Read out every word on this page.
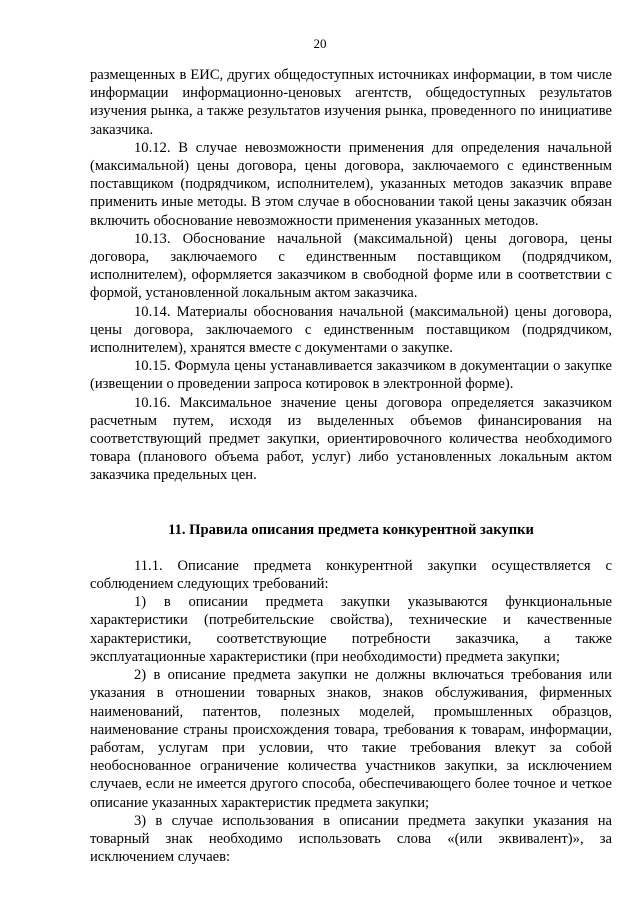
20

размещенных в ЕИС, других общедоступных источниках информации, в том числе информации информационно-ценовых агентств, общедоступных результатов изучения рынка, а также результатов изучения рынка, проведенного по инициативе заказчика.

10.12. В случае невозможности применения для определения начальной (максимальной) цены договора, цены договора, заключаемого с единственным поставщиком (подрядчиком, исполнителем), указанных методов заказчик вправе применить иные методы. В этом случае в обосновании такой цены заказчик обязан включить обоснование невозможности применения указанных методов.

10.13. Обоснование начальной (максимальной) цены договора, цены договора, заключаемого с единственным поставщиком (подрядчиком, исполнителем), оформляется заказчиком в свободной форме или в соответствии с формой, установленной локальным актом заказчика.

10.14. Материалы обоснования начальной (максимальной) цены договора, цены договора, заключаемого с единственным поставщиком (подрядчиком, исполнителем), хранятся вместе с документами о закупке.

10.15. Формула цены устанавливается заказчиком в документации о закупке (извещении о проведении запроса котировок в электронной форме).

10.16. Максимальное значение цены договора определяется заказчиком расчетным путем, исходя из выделенных объемов финансирования на соответствующий предмет закупки, ориентировочного количества необходимого товара (планового объема работ, услуг) либо установленных локальным актом заказчика предельных цен.

11. Правила описания предмета конкурентной закупки

11.1. Описание предмета конкурентной закупки осуществляется с соблюдением следующих требований:

1) в описании предмета закупки указываются функциональные характеристики (потребительские свойства), технические и качественные характеристики, соответствующие потребности заказчика, а также эксплуатационные характеристики (при необходимости) предмета закупки;

2) в описание предмета закупки не должны включаться требования или указания в отношении товарных знаков, знаков обслуживания, фирменных наименований, патентов, полезных моделей, промышленных образцов, наименование страны происхождения товара, требования к товарам, информации, работам, услугам при условии, что такие требования влекут за собой необоснованное ограничение количества участников закупки, за исключением случаев, если не имеется другого способа, обеспечивающего более точное и четкое описание указанных характеристик предмета закупки;

3) в случае использования в описании предмета закупки указания на товарный знак необходимо использовать слова «(или эквивалент)», за исключением случаев:
